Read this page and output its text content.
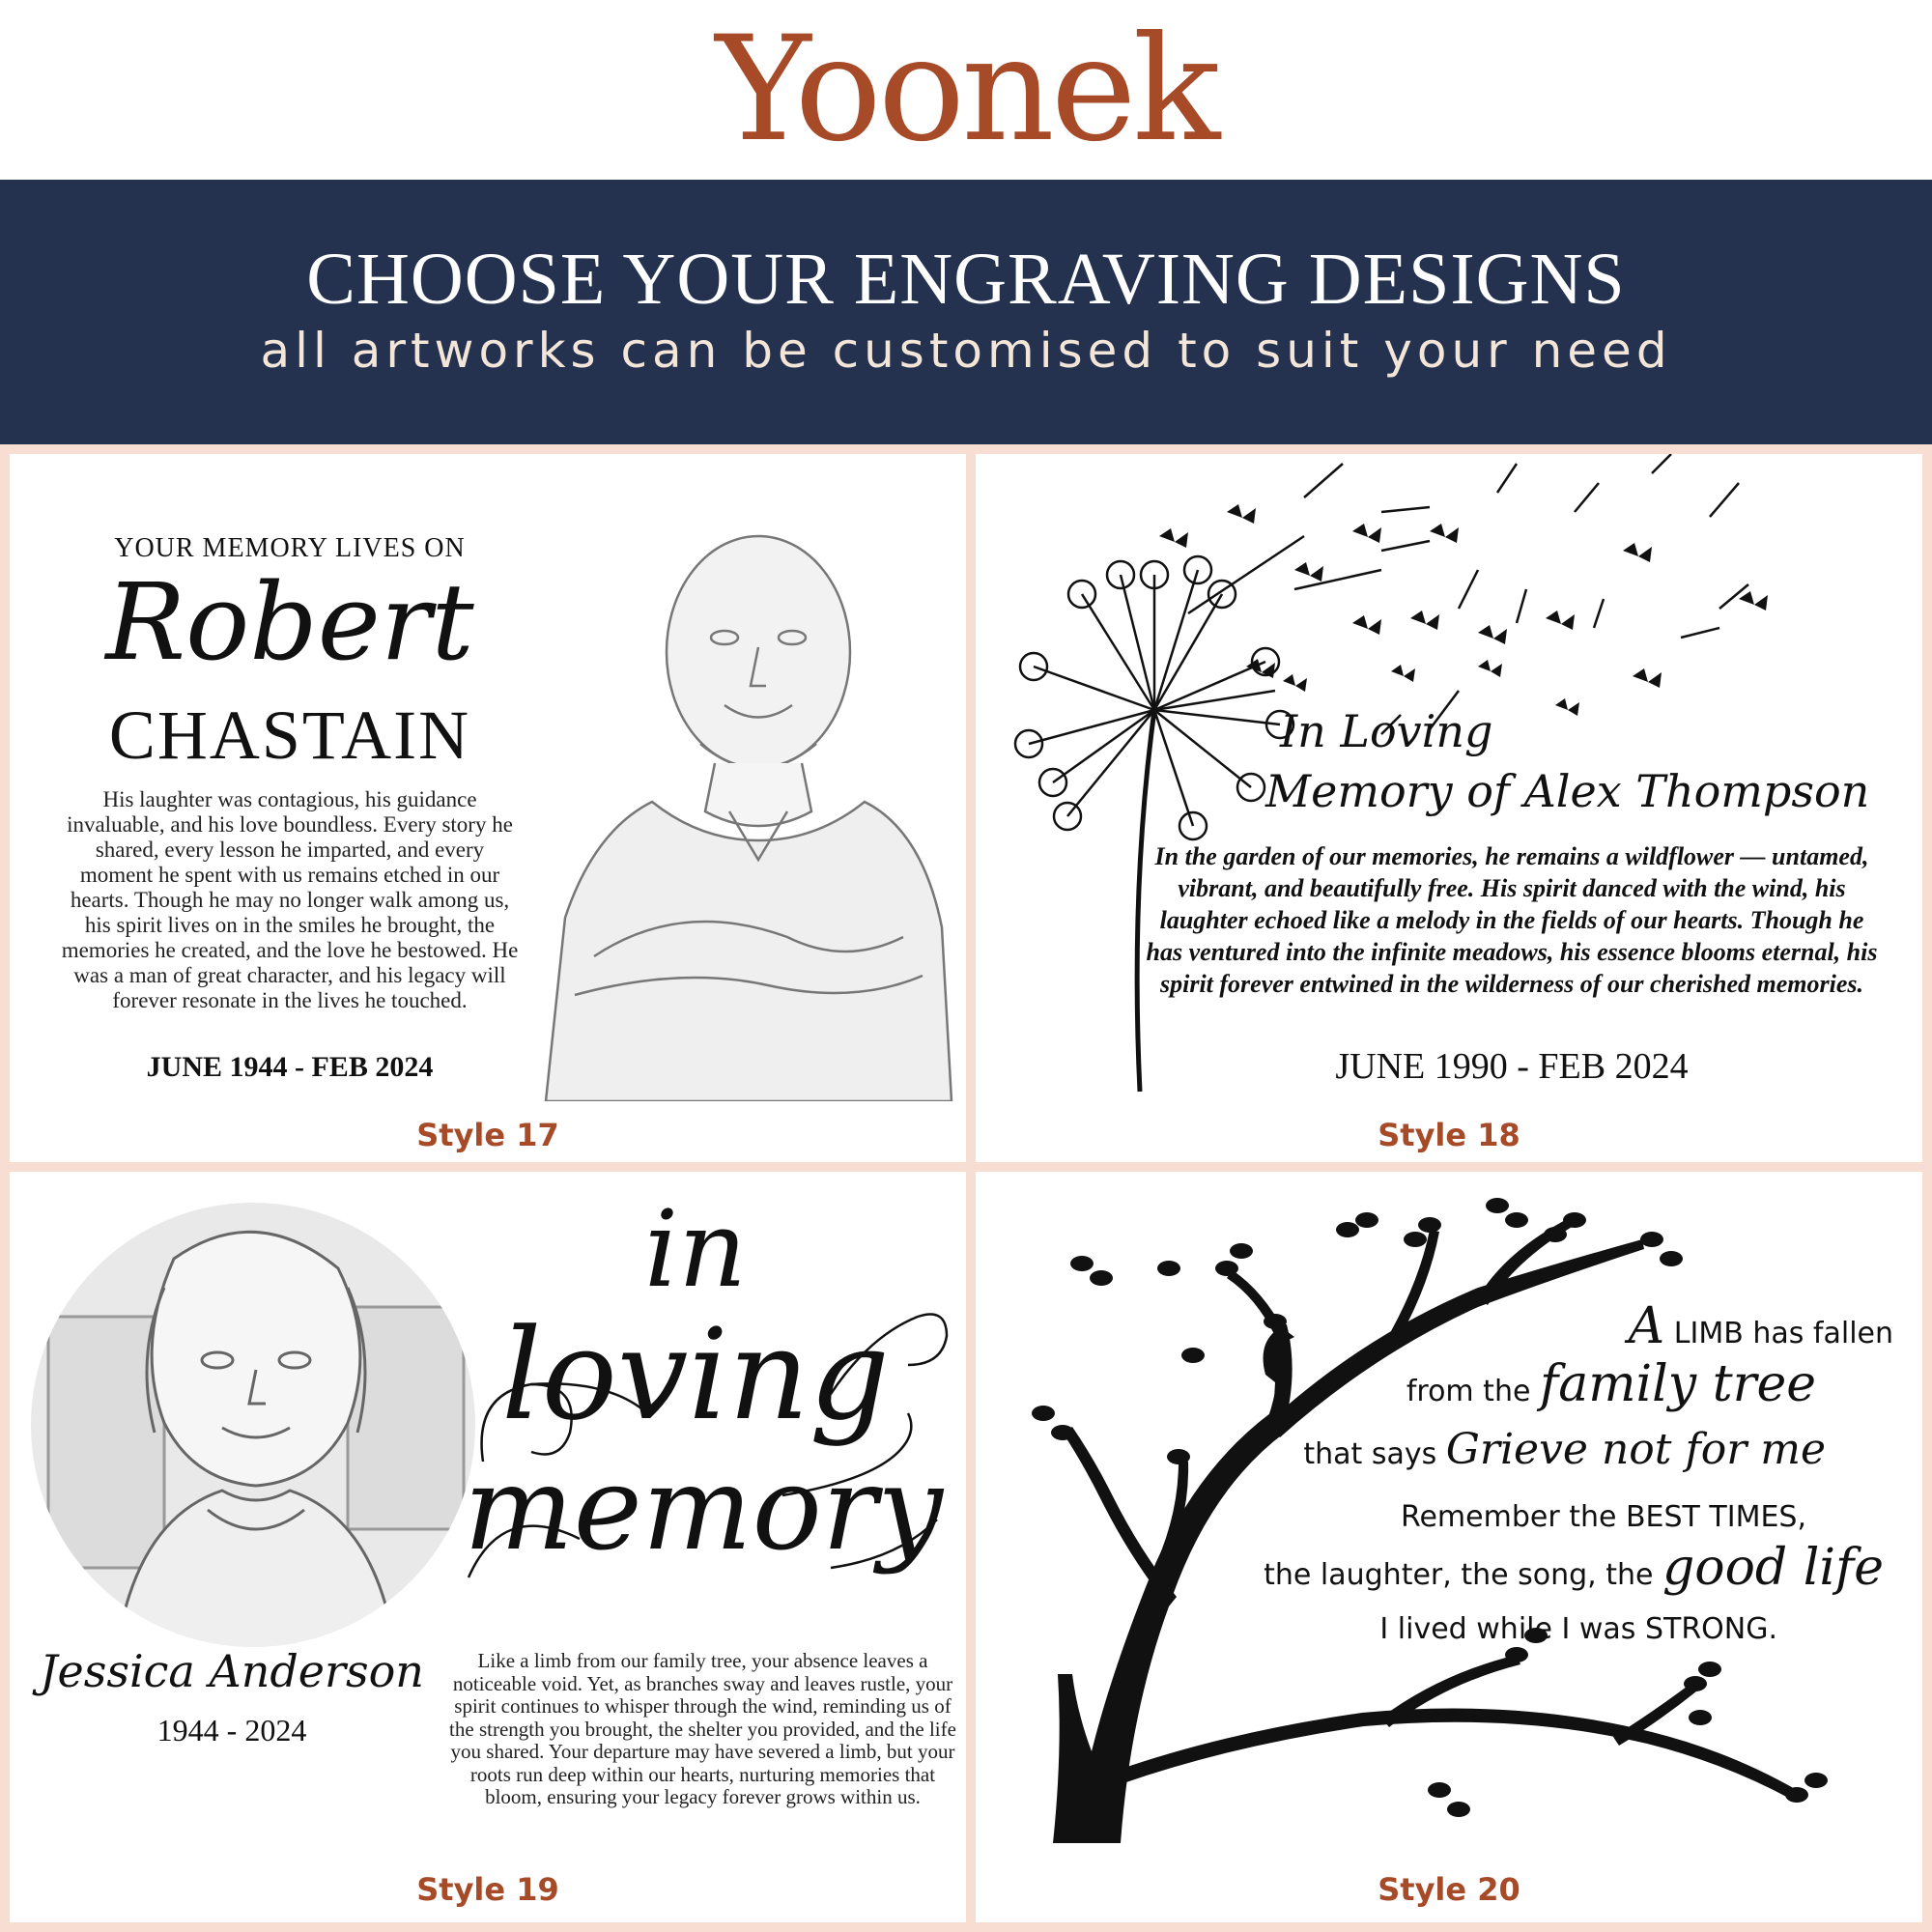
Yoonek
CHOOSE YOUR ENGRAVING DESIGNS
all artworks can be customised to suit your need
YOUR MEMORY LIVES ON
Robert
CHASTAIN
His laughter was contagious, his guidance invaluable, and his love boundless. Every story he shared, every lesson he imparted, and every moment he spent with us remains etched in our hearts. Though he may no longer walk among us, his spirit lives on in the smiles he brought, the memories he created, and the love he bestowed. He was a man of great character, and his legacy will forever resonate in the lives he touched.
JUNE 1944 - FEB 2024
Style 17
In Loving
Memory of Alex Thompson
In the garden of our memories, he remains a wildflower — untamed, vibrant, and beautifully free. His spirit danced with the wind, his laughter echoed like a melody in the fields of our hearts. Though he has ventured into the infinite meadows, his essence blooms eternal, his spirit forever entwined in the wilderness of our cherished memories.
JUNE 1990 - FEB 2024
Style 18
Jessica Anderson
1944 - 2024
in
loving
memory
Like a limb from our family tree, your absence leaves a noticeable void. Yet, as branches sway and leaves rustle, your spirit continues to whisper through the wind, reminding us of the strength you brought, the shelter you provided, and the life you shared. Your departure may have severed a limb, but your roots run deep within our hearts, nurturing memories that bloom, ensuring your legacy forever grows within us.
Style 19
A LIMB has fallen
from the family tree
that says Grieve not for me
Remember the BEST TIMES,
the laughter, the song, the good life
I lived while I was STRONG.
Style 20
